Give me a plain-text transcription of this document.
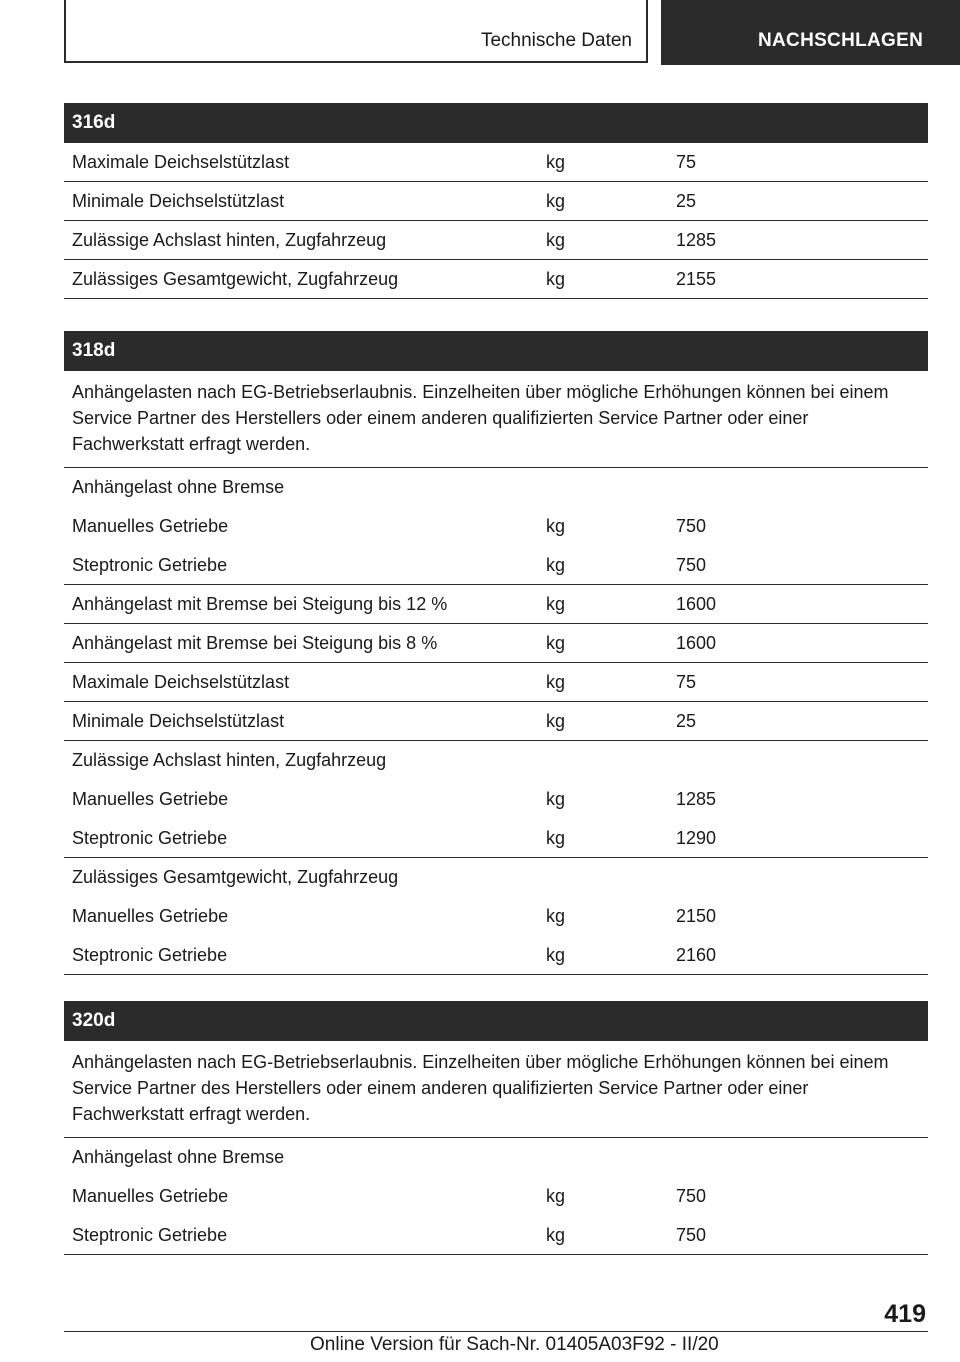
Technische Daten	NACHSCHLAGEN
316d
Maximale Deichselstützlast	kg	75
Minimale Deichselstützlast	kg	25
Zulässige Achslast hinten, Zugfahrzeug	kg	1285
Zulässiges Gesamtgewicht, Zugfahrzeug	kg	2155
318d
Anhängelasten nach EG-Betriebserlaubnis. Einzelheiten über mögliche Erhöhungen können bei einem Service Partner des Herstellers oder einem anderen qualifizierten Service Partner oder einer Fachwerkstatt erfragt werden.
Anhängelast ohne Bremse
Manuelles Getriebe	kg	750
Steptronic Getriebe	kg	750
Anhängelast mit Bremse bei Steigung bis 12 %	kg	1600
Anhängelast mit Bremse bei Steigung bis 8 %	kg	1600
Maximale Deichselstützlast	kg	75
Minimale Deichselstützlast	kg	25
Zulässige Achslast hinten, Zugfahrzeug
Manuelles Getriebe	kg	1285
Steptronic Getriebe	kg	1290
Zulässiges Gesamtgewicht, Zugfahrzeug
Manuelles Getriebe	kg	2150
Steptronic Getriebe	kg	2160
320d
Anhängelasten nach EG-Betriebserlaubnis. Einzelheiten über mögliche Erhöhungen können bei einem Service Partner des Herstellers oder einem anderen qualifizierten Service Partner oder einer Fachwerkstatt erfragt werden.
Anhängelast ohne Bremse
Manuelles Getriebe	kg	750
Steptronic Getriebe	kg	750
419
Online Version für Sach-Nr. 01405A03F92 - II/20
